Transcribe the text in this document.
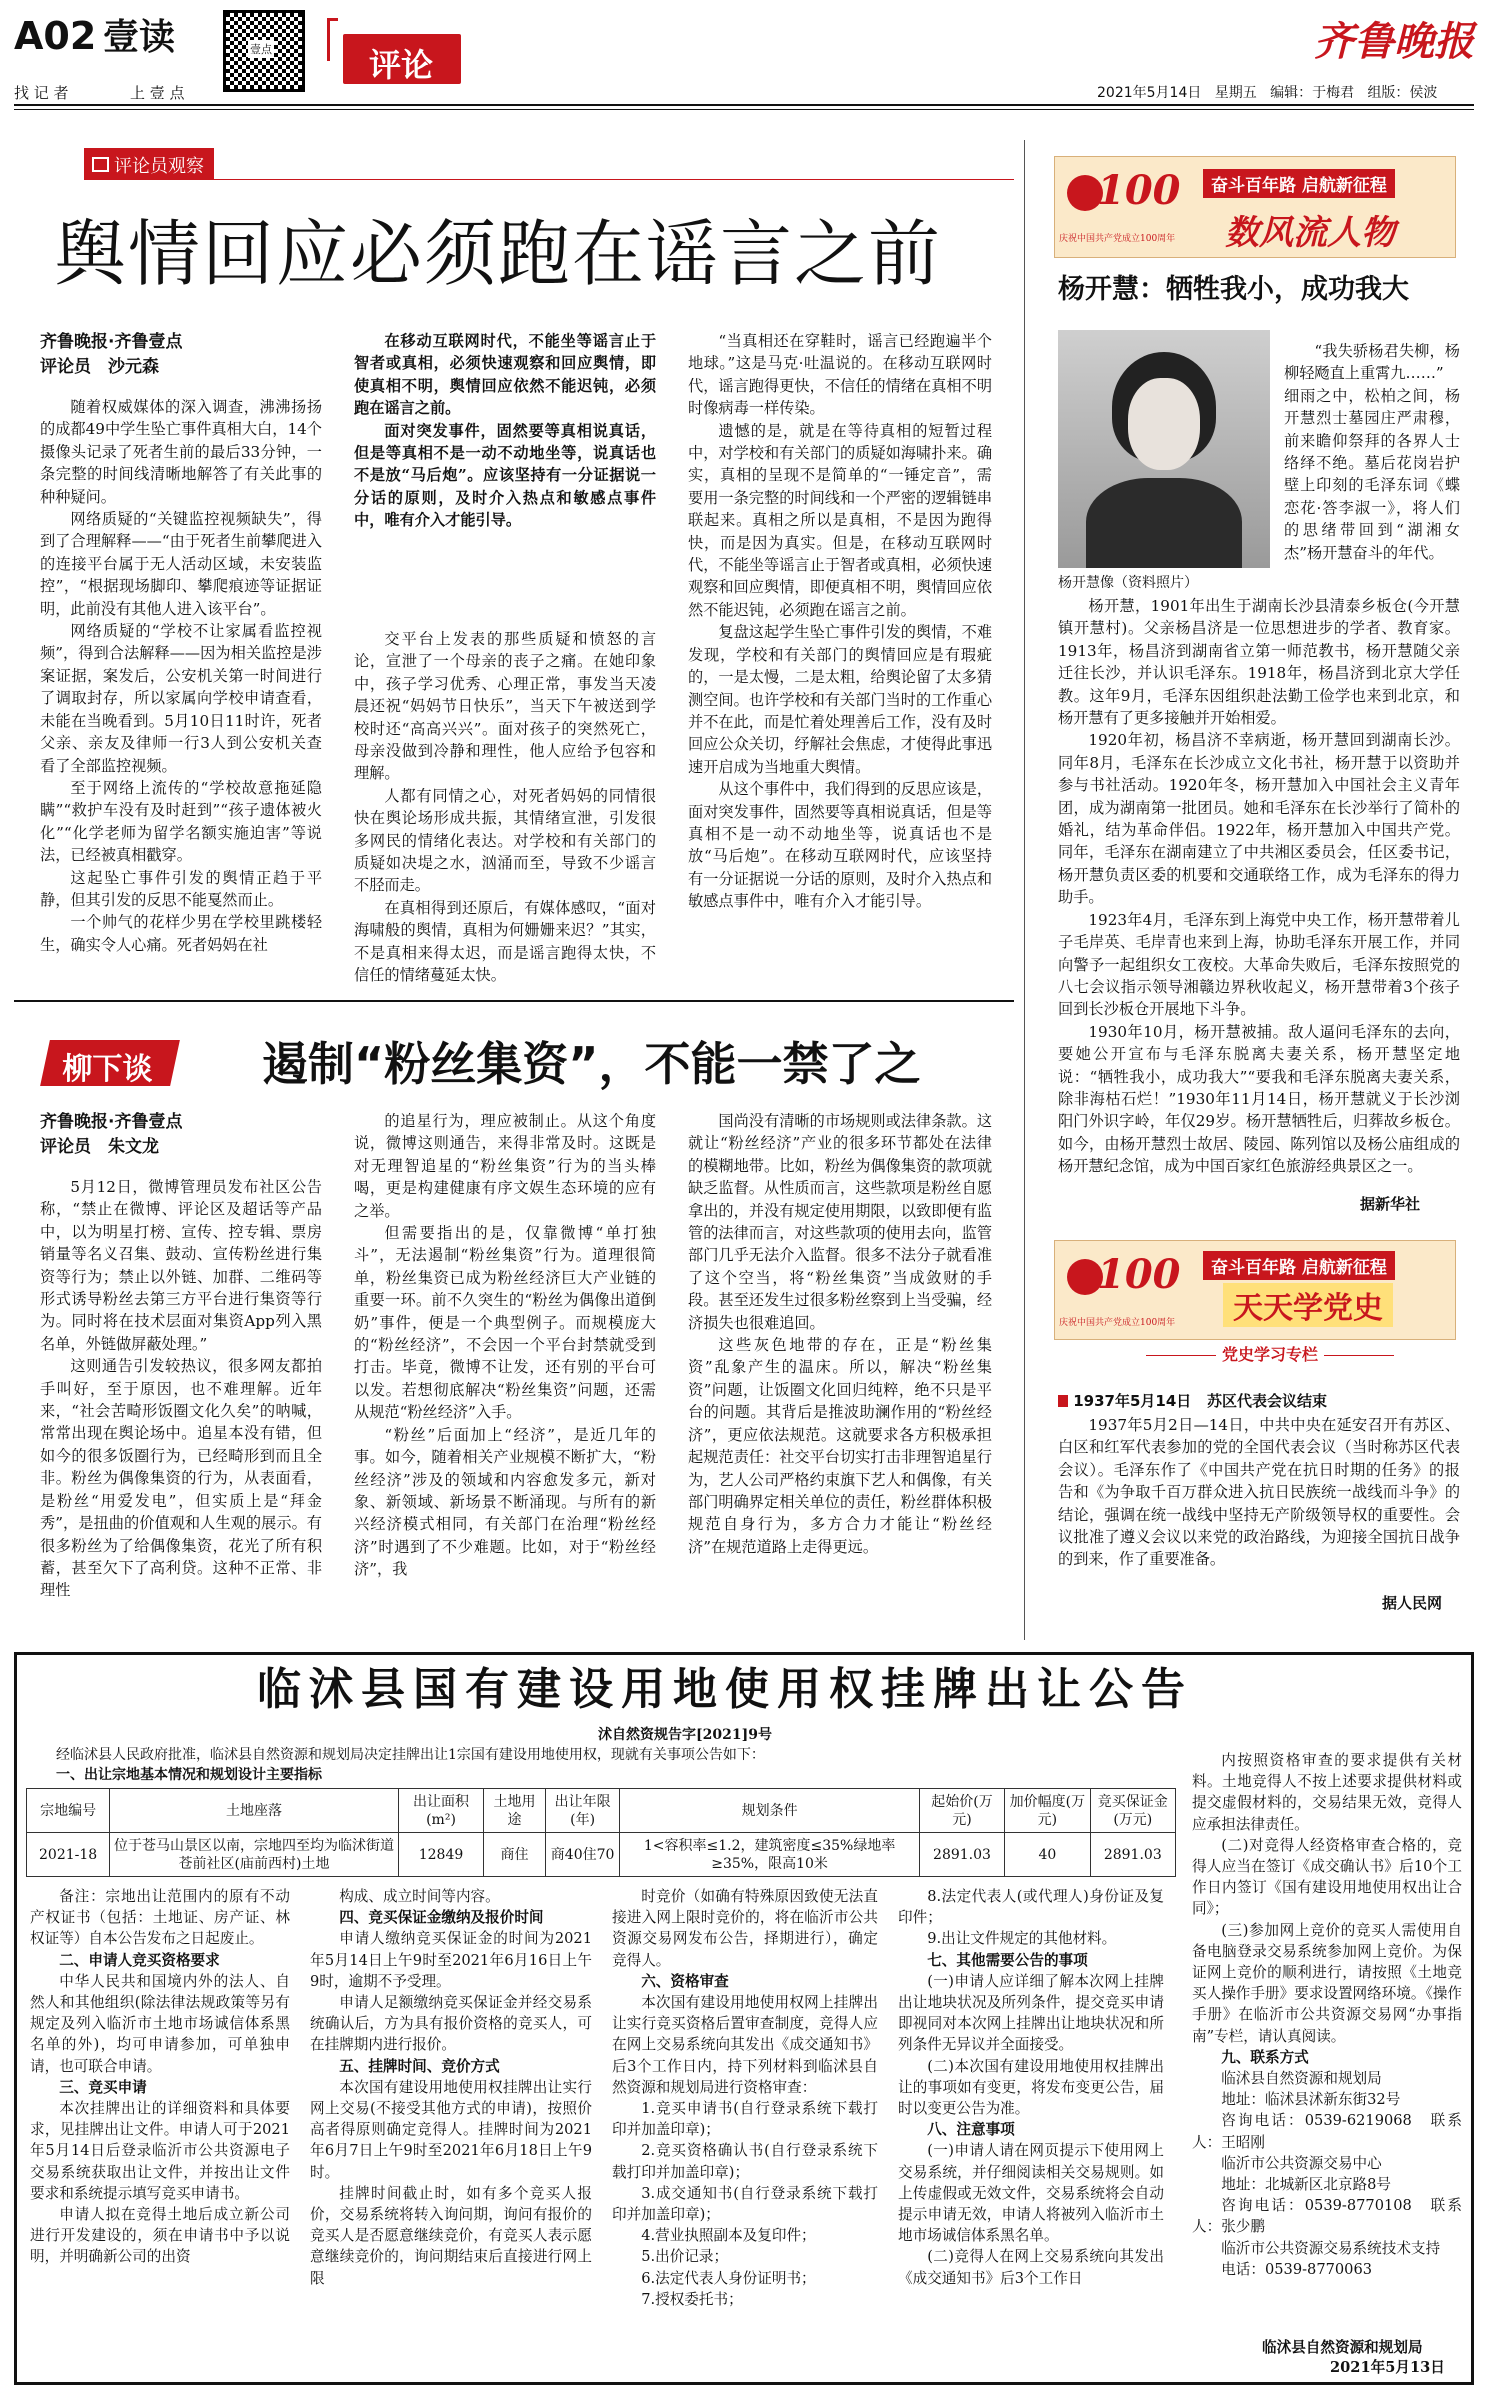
A02 壹读
找 记 者	上 壹 点
壹点	评论	齐鲁晚报
2021年5月14日 星期五 编辑：于梅君 组版：侯波
评论员观察
舆情回应必须跑在谣言之前
齐鲁晚报·齐鲁壹点
评论员　沙元森

随着权威媒体的深入调查，沸沸扬扬的成都49中学生坠亡事件真相大白，14个摄像头记录了死者生前的最后33分钟，一条完整的时间线清晰地解答了有关此事的种种疑问。

网络质疑的“关键监控视频缺失”，得到了合理解释——“由于死者生前攀爬进入的连接平台属于无人活动区域，未安装监控”，“根据现场脚印、攀爬痕迹等证据证明，此前没有其他人进入该平台”。

网络质疑的“学校不让家属看监控视频”，得到合法解释——因为相关监控是涉案证据，案发后，公安机关第一时间进行了调取封存，所以家属向学校申请查看，未能在当晚看到。5月10日11时许，死者父亲、亲友及律师一行3人到公安机关查看了全部监控视频。

至于网络上流传的“学校故意拖延隐瞒”“救护车没有及时赶到”“孩子遗体被火化”“化学老师为留学名额实施迫害”等说法，已经被真相戳穿。

这起坠亡事件引发的舆情正趋于平静，但其引发的反思不能戛然而止。

一个帅气的花样少男在学校里跳楼轻生，确实令人心痛。死者妈妈在社

在移动互联网时代，不能坐等谣言止于智者或真相，必须快速观察和回应舆情，即使真相不明，舆情回应依然不能迟钝，必须跑在谣言之前。

面对突发事件，固然要等真相说真话，但是等真相不是一动不动地坐等，说真话也不是放“马后炮”。应该坚持有一分证据说一分话的原则，及时介入热点和敏感点事件中，唯有介入才能引导。

交平台上发表的那些质疑和愤怒的言论，宣泄了一个母亲的丧子之痛。在她印象中，孩子学习优秀、心理正常，事发当天凌晨还祝“妈妈节日快乐”，当天下午被送到学校时还“高高兴兴”。面对孩子的突然死亡，母亲没做到冷静和理性，他人应给予包容和理解。

人都有同情之心，对死者妈妈的同情很快在舆论场形成共振，其情绪宣泄，引发很多网民的情绪化表达。对学校和有关部门的质疑如决堤之水，汹涌而至，导致不少谣言不胫而走。

在真相得到还原后，有媒体感叹，“面对海啸般的舆情，真相为何姗姗来迟？”其实，不是真相来得太迟，而是谣言跑得太快，不信任的情绪蔓延太快。

“当真相还在穿鞋时，谣言已经跑遍半个地球。”这是马克·吐温说的。在移动互联网时代，谣言跑得更快，不信任的情绪在真相不明时像病毒一样传染。

遗憾的是，就是在等待真相的短暂过程中，对学校和有关部门的质疑如海啸扑来。确实，真相的呈现不是简单的“一锤定音”，需要用一条完整的时间线和一个严密的逻辑链串联起来。真相之所以是真相，不是因为跑得快，而是因为真实。但是，在移动互联网时代，不能坐等谣言止于智者或真相，必须快速观察和回应舆情，即便真相不明，舆情回应依然不能迟钝，必须跑在谣言之前。

复盘这起学生坠亡事件引发的舆情，不难发现，学校和有关部门的舆情回应是有瑕疵的，一是太慢，二是太粗，给舆论留了太多猜测空间。也许学校和有关部门当时的工作重心并不在此，而是忙着处理善后工作，没有及时回应公众关切，纾解社会焦虑，才使得此事迅速开启成为当地重大舆情。

从这个事件中，我们得到的反思应该是，面对突发事件，固然要等真相说真话，但是等真相不是一动不动地坐等，说真话也不是放“马后炮”。在移动互联网时代，应该坚持有一分证据说一分话的原则，及时介入热点和敏感点事件中，唯有介入才能引导。

柳下谈 遏制“粉丝集资”，不能一禁了之
齐鲁晚报·齐鲁壹点
评论员　朱文龙

5月12日，微博管理员发布社区公告称，“禁止在微博、评论区及超话等产品中，以为明星打榜、宣传、控专辑、票房销量等名义召集、鼓动、宣传粉丝进行集资等行为；禁止以外链、加群、二维码等形式诱导粉丝去第三方平台进行集资等行为。同时将在技术层面对集资App列入黑名单，外链做屏蔽处理。”

这则通告引发较热议，很多网友都拍手叫好，至于原因，也不难理解。近年来，“社会苦畸形饭圈文化久矣”的呐喊，常常出现在舆论场中。追星本没有错，但如今的很多饭圈行为，已经畸形到而且全非。粉丝为偶像集资的行为，从表面看，是粉丝“用爱发电”，但实质上是“拜金秀”，是扭曲的价值观和人生观的展示。有很多粉丝为了给偶像集资，花光了所有积蓄，甚至欠下了高利贷。这种不正常、非理性

的追星行为，理应被制止。从这个角度说，微博这则通告，来得非常及时。这既是对无理智追星的“粉丝集资”行为的当头棒喝，更是构建健康有序文娱生态环境的应有之举。

但需要指出的是，仅靠微博“单打独斗”，无法遏制“粉丝集资”行为。道理很简单，粉丝集资已成为粉丝经济巨大产业链的重要一环。前不久突生的“粉丝为偶像出道倒奶”事件，便是一个典型例子。而规模庞大的“粉丝经济”，不会因一个平台封禁就受到打击。毕竟，微博不让发，还有别的平台可以发。若想彻底解决“粉丝集资”问题，还需从规范“粉丝经济”入手。

“粉丝”后面加上“经济”，是近几年的事。如今，随着相关产业规模不断扩大，“粉丝经济”涉及的领域和内容愈发多元，新对象、新领域、新场景不断涌现。与所有的新兴经济模式相同，有关部门在治理“粉丝经济”时遇到了不少难题。比如，对于“粉丝经济”，我

国尚没有清晰的市场规则或法律条款。这就让“粉丝经济”产业的很多环节都处在法律的模糊地带。比如，粉丝为偶像集资的款项就缺乏监督。从性质而言，这些款项是粉丝自愿拿出的，并没有规定使用期限，以致即便有监管的法律而言，对这些款项的使用去向，监管部门几乎无法介入监督。很多不法分子就看准了这个空当，将“粉丝集资”当成敛财的手段。甚至还发生过很多粉丝察到上当受骗，经济损失也很难追回。

这些灰色地带的存在，正是“粉丝集资”乱象产生的温床。所以，解决“粉丝集资”问题，让饭圈文化回归纯粹，绝不只是平台的问题。其背后是推波助澜作用的“粉丝经济”，更应依法规范。这就要求各方积极承担起规范责任：社交平台切实打击非理智追星行为，艺人公司严格约束旗下艺人和偶像，有关部门明确界定相关单位的责任，粉丝群体积极规范自身行为，多方合力才能让“粉丝经济”在规范道路上走得更远。

100
庆祝中国共产党成立100周年
奋斗百年路 启航新征程
数风流人物
杨开慧：牺牲我小，成功我大
杨开慧像（资料照片）

“我失骄杨君失柳，杨柳轻飏直上重霄九……”

细雨之中，松柏之间，杨开慧烈士墓园庄严肃穆，前来瞻仰祭拜的各界人士络绎不绝。墓后花岗岩护壁上印刻的毛泽东词《蝶恋花·答李淑一》，将人们的思绪带回到“湖湘女杰”杨开慧奋斗的年代。

杨开慧，1901年出生于湖南长沙县清泰乡板仓(今开慧镇开慧村)。父亲杨昌济是一位思想进步的学者、教育家。1913年，杨昌济到湖南省立第一师范教书，杨开慧随父亲迁往长沙，并认识毛泽东。1918年，杨昌济到北京大学任教。这年9月，毛泽东因组织赴法勤工俭学也来到北京，和杨开慧有了更多接触并开始相爱。

1920年初，杨昌济不幸病逝，杨开慧回到湖南长沙。同年8月，毛泽东在长沙成立文化书社，杨开慧于以资助并参与书社活动。1920年冬，杨开慧加入中国社会主义青年团，成为湖南第一批团员。她和毛泽东在长沙举行了简朴的婚礼，结为革命伴侣。1922年，杨开慧加入中国共产党。同年，毛泽东在湖南建立了中共湘区委员会，任区委书记，杨开慧负责区委的机要和交通联络工作，成为毛泽东的得力助手。

1923年4月，毛泽东到上海党中央工作，杨开慧带着儿子毛岸英、毛岸青也来到上海，协助毛泽东开展工作，并同向警予一起组织女工夜校。大革命失败后，毛泽东按照党的八七会议指示领导湘赣边界秋收起义，杨开慧带着3个孩子回到长沙板仓开展地下斗争。

1930年10月，杨开慧被捕。敌人逼问毛泽东的去向，要她公开宣布与毛泽东脱离夫妻关系，杨开慧坚定地说：“牺牲我小，成功我大”“要我和毛泽东脱离夫妻关系，除非海枯石烂！”1930年11月14日，杨开慧就义于长沙浏阳门外识字岭，年仅29岁。杨开慧牺牲后，归葬故乡板仓。如今，由杨开慧烈士故居、陵园、陈列馆以及杨公庙组成的杨开慧纪念馆，成为中国百家红色旅游经典景区之一。

据新华社
100
庆祝中国共产党成立100周年
奋斗百年路 启航新征程
天天学党史
党史学习专栏
1937年5月14日 苏区代表会议结束

1937年5月2日—14日，中共中央在延安召开有苏区、白区和红军代表参加的党的全国代表会议（当时称苏区代表会议）。毛泽东作了《中国共产党在抗日时期的任务》的报告和《为争取千百万群众进入抗日民族统一战线而斗争》的结论，强调在统一战线中坚持无产阶级领导权的重要性。会议批准了遵义会议以来党的政治路线，为迎接全国抗日战争的到来，作了重要准备。

据人民网
临沭县国有建设用地使用权挂牌出让公告
沭自然资规告字[2021]9号
经临沭县人民政府批准，临沭县自然资源和规划局决定挂牌出让1宗国有建设用地使用权，现就有关事项公告如下：
一、出让宗地基本情况和规划设计主要指标
宗地编号	土地座落	出让面积(m²)	土地用途	出让年限(年)	规划条件	起始价(万元)	加价幅度(万元)	竞买保证金(万元)
2021-18	位于苍马山景区以南，宗地四至均为临沭街道苍前社区(庙前西村)土地	12849	商住	商40住70	1<容积率≤1.2，建筑密度≤35%绿地率≥35%，限高10米	2891.03	40	2891.03

备注：宗地出让范围内的原有不动产权证书（包括：土地证、房产证、林权证等）自本公告发布之日起废止。

二、申请人竞买资格要求

中华人民共和国境内外的法人、自然人和其他组织(除法律法规政策等另有规定及列入临沂市土地市场诚信体系黑名单的外)，均可申请参加，可单独申请，也可联合申请。

三、竞买申请

本次挂牌出让的详细资料和具体要求，见挂牌出让文件。申请人可于2021年5月14日后登录临沂市公共资源电子交易系统获取出让文件，并按出让文件要求和系统提示填写竞买申请书。

申请人拟在竞得土地后成立新公司进行开发建设的，须在申请书中予以说明，并明确新公司的出资

构成、成立时间等内容。

四、竞买保证金缴纳及报价时间

申请人缴纳竞买保证金的时间为2021年5月14日上午9时至2021年6月16日上午9时，逾期不予受理。

申请人足额缴纳竞买保证金并经交易系统确认后，方为具有报价资格的竞买人，可在挂牌期内进行报价。

五、挂牌时间、竞价方式

本次国有建设用地使用权挂牌出让实行网上交易(不接受其他方式的申请)，按照价高者得原则确定竞得人。挂牌时间为2021年6月7日上午9时至2021年6月18日上午9时。

挂牌时间截止时，如有多个竞买人报价，交易系统将转入询问期，询问有报价的竞买人是否愿意继续竞价，有竞买人表示愿意继续竞价的，询问期结束后直接进行网上限

时竞价（如确有特殊原因致使无法直接进入网上限时竞价的，将在临沂市公共资源交易网发布公告，择期进行），确定竞得人。

六、资格审查

本次国有建设用地使用权网上挂牌出让实行竞买资格后置审查制度，竞得人应在网上交易系统向其发出《成交通知书》后3个工作日内，持下列材料到临沭县自然资源和规划局进行资格审查：

1.竞买申请书(自行登录系统下载打印并加盖印章)；

2.竞买资格确认书(自行登录系统下载打印并加盖印章)；

3.成交通知书(自行登录系统下载打印并加盖印章)；

4.营业执照副本及复印件；

5.出价记录；

6.法定代表人身份证明书；

7.授权委托书；

8.法定代表人(或代理人)身份证及复印件；

9.出让文件规定的其他材料。

七、其他需要公告的事项

(一)申请人应详细了解本次网上挂牌出让地块状况及所列条件，提交竞买申请即视同对本次网上挂牌出让地块状况和所列条件无异议并全面接受。

(二)本次国有建设用地使用权挂牌出让的事项如有变更，将发布变更公告，届时以变更公告为准。

八、注意事项

(一)申请人请在网页提示下使用网上交易系统，并仔细阅读相关交易规则。如上传虚假或无效文件，交易系统将会自动提示申请无效，申请人将被列入临沂市土地市场诚信体系黑名单。

(二)竞得人在网上交易系统向其发出《成交通知书》后3个工作日

内按照资格审查的要求提供有关材料。土地竞得人不按上述要求提供材料或提交虚假材料的，交易结果无效，竞得人应承担法律责任。

(二)对竞得人经资格审查合格的，竞得人应当在签订《成交确认书》后10个工作日内签订《国有建设用地使用权出让合同》；

(三)参加网上竞价的竞买人需使用自备电脑登录交易系统参加网上竞价。为保证网上竞价的顺利进行，请按照《土地竞买人操作手册》要求设置网络环境。《操作手册》在临沂市公共资源交易网“办事指南”专栏，请认真阅读。

九、联系方式

临沭县自然资源和规划局

地址：临沭县沭新东街32号

咨询电话：0539-6219068　联系人：王昭刚

临沂市公共资源交易中心

地址：北城新区北京路8号

咨询电话：0539-8770108　联系人：张少鹏

临沂市公共资源交易系统技术支持

电话：0539-8770063

临沭县自然资源和规划局
2021年5月13日
